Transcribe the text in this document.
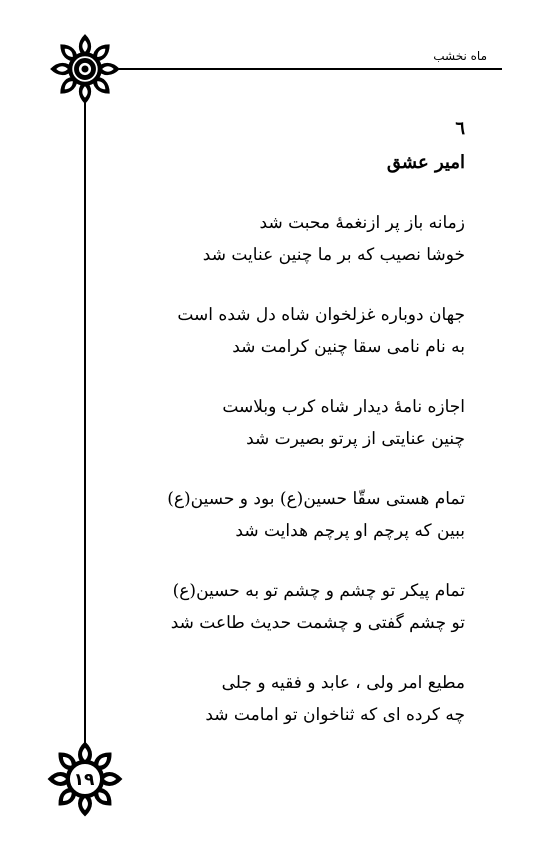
ماه نخشب
٦
امیر عشق
زمانه باز پر ازنغمهٔ محبت شد
خوشا نصیب که بر ما چنین عنایت شد
جهان دوباره غزلخوان شاه دل شده است
به نام نامی سقا چنین کرامت شد
اجازه نامهٔ دیدار شاه کرب وبلاست
چنین عنایتی از پرتو بصیرت شد
تمام هستی سقّا حسین(ع) بود و حسین(ع)
ببین که پرچم او پرچم هدایت شد
تمام پیکر تو چشم و چشم تو به حسین(ع)
تو چشم گفتی و چشمت حدیث طاعت شد
مطیع امر ولی ، عابد و فقیه و جلی
چه کرده ای که ثناخوان تو امامت شد
۱۹
